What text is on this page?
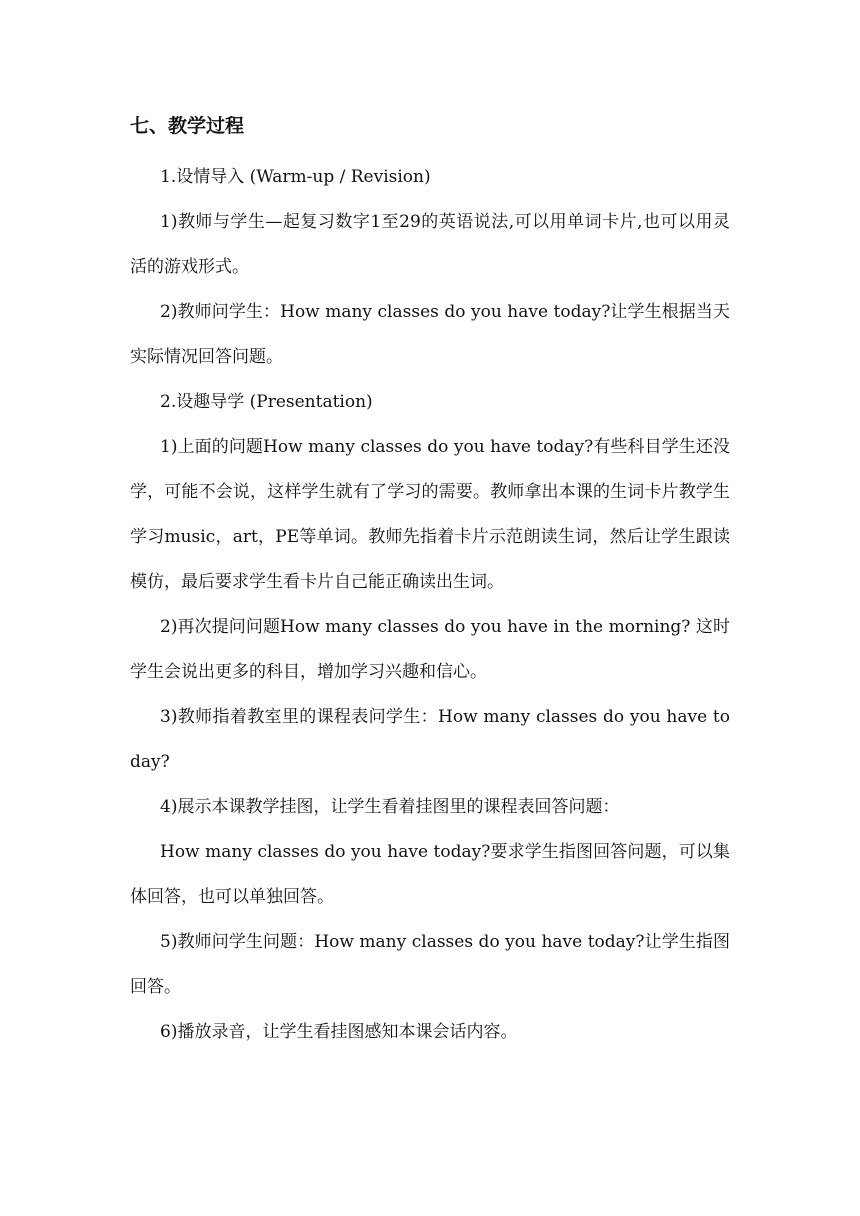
七、教学过程

1.设情导入 (Warm-up / Revision)

1)教师与学生—起复习数字1至29的英语说法,可以用单词卡片,也可以用灵活的游戏形式。

2)教师问学生：How many classes do you have today?让学生根据当天实际情况回答问题。

2.设趣导学 (Presentation)

1)上面的问题How many classes do you have today?有些科目学生还没学，可能不会说，这样学生就有了学习的需要。教师拿出本课的生词卡片教学生学习music，art，PE等单词。教师先指着卡片示范朗读生词，然后让学生跟读模仿，最后要求学生看卡片自己能正确读出生词。

2)再次提问问题How many classes do you have in the morning? 这时学生会说出更多的科目，增加学习兴趣和信心。

3)教师指着教室里的课程表问学生：How many classes do you have today?

4)展示本课教学挂图，让学生看着挂图里的课程表回答问题：

How many classes do you have today?要求学生指图回答问题，可以集体回答，也可以单独回答。

5)教师问学生问题：How many classes do you have today?让学生指图回答。

6)播放录音，让学生看挂图感知本课会话内容。
